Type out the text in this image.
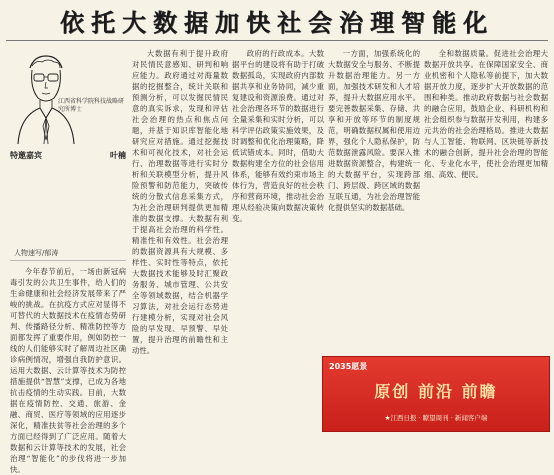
依托大数据加快社会治理智能化
江西省科学院科技战略研究所博士
特邀嘉宾	叶楠
人物速写/郁涛

今年春节前后，一场由新冠病毒引发的公共卫生事件，给人们的生命健康和社会经济发展带来了严峻的挑战。在抗疫方式应对显得不可替代的大数据技术在疫情态势研判、传播路径分析、精准防控等方面都发挥了重要作用，例如防控一线的人们能够实时了解周边社区确诊病例情况，增强自我防护意识。运用大数据、云计算等技术为防控措施提供“智慧”支撑，已成为各地抗击疫情的生动实践。目前，大数据在疫情防控、交通、旅游、金融、商贸、医疗等领域的应用逐步深化，精准扶贫等社会治理的多个方面已经得到了广泛应用。随着大数据和云计算等技术的发展，社会治理“智能化”的步伐将进一步加快。

大数据有利于提升政府对民情民意感知、研判和响应能力。政府通过对海量数据的挖掘整合，统计关联和预测分析，可以发掘民情民意的真实诉求，发现和评估社会治理的热点和焦点问题，并基于知识库智能化地研究应对措施。通过挖掘技术和可视化技术，对社会运行、治理数据等进行实时分析和关联模型分析，提升风险预警和防范能力，突破传统的分散式信息采集方式，为社会治理研判提供更加精准的数据支撑。大数据有利于提高社会治理的科学性。精准性和有效性。社会治理的数据资源具有大规模、多样性、实时性等特点，依托大数据技术能够及时汇聚政务服务、城市管理、公共安全等领域数据，结合机器学习算法，对社会运行态势进行建模分析，实现对社会风险的早发现、早预警、早处置，提升治理的前瞻性和主动性。

政府的行政成本。大数据平台的建设将有助于打破数据孤岛，实现政府内部数据共享和业务协同，减少重复建设和资源浪费。通过对社会治理各环节的数据进行全量采集和实时分析，可以科学评估政策实施效果，及时调整和优化治理策略，降低试错成本。同时，借助大数据构建全方位的社会信用体系，能够有效约束市场主体行为，营造良好的社会秩序和营商环境，推动社会治理从经验决策向数据决策转变。

一方面，加强系统化的大数据安全与服务、不断提升数据治理能力。另一方面，加强技术研发和人才培养，提升大数据应用水平。要完善数据采集、存储、共享和开放等环节的制度规范，明确数据权属和使用边界，强化个人隐私保护，防范数据泄露风险。要深入推进数据资源整合，构建统一的大数据平台，实现跨部门、跨层级、跨区域的数据互联互通，为社会治理智能化提供坚实的数据基础。

全和数据质量。促进社会治理大数据开放共享。在保障国家安全、商业机密和个人隐私等前提下，加大数据开放力度，逐步扩大开放数据的范围和种类。推动政府数据与社会数据的融合应用，鼓励企业、科研机构和社会组织参与数据开发利用，构建多元共治的社会治理格局。推进大数据与人工智能、物联网、区块链等新技术的融合创新，提升社会治理的智能化、专业化水平，使社会治理更加精细、高效、便民。

2035愿景
原创 前沿 前瞻
★江西日报 · 瞭望周刊 · 新闻客户端
